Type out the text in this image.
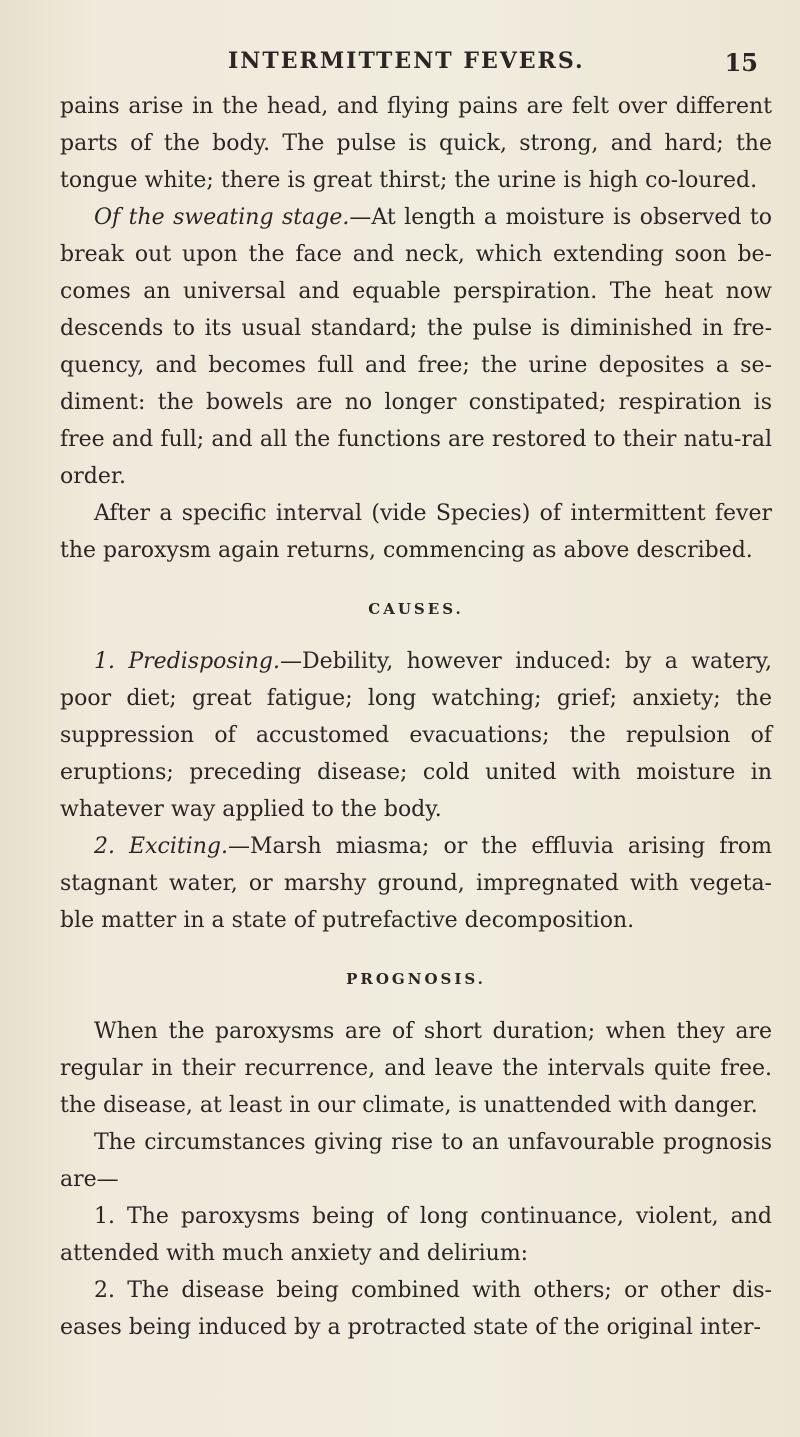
INTERMITTENT FEVERS.	15

pains arise in the head, and flying pains are felt over different parts of the body. The pulse is quick, strong, and hard; the tongue white; there is great thirst; the urine is high co-loured.

Of the sweating stage.—At length a moisture is observed to break out upon the face and neck, which extending soon be-comes an universal and equable perspiration. The heat now descends to its usual standard; the pulse is diminished in fre-quency, and becomes full and free; the urine deposites a se-diment: the bowels are no longer constipated; respiration is free and full; and all the functions are restored to their natu-ral order.

After a specific interval (vide Species) of intermittent fever the paroxysm again returns, commencing as above described.

CAUSES.

1. Predisposing.—Debility, however induced: by a watery, poor diet; great fatigue; long watching; grief; anxiety; the suppression of accustomed evacuations; the repulsion of eruptions; preceding disease; cold united with moisture in whatever way applied to the body.

2. Exciting.—Marsh miasma; or the effluvia arising from stagnant water, or marshy ground, impregnated with vegeta-ble matter in a state of putrefactive decomposition.

PROGNOSIS.

When the paroxysms are of short duration; when they are regular in their recurrence, and leave the intervals quite free. the disease, at least in our climate, is unattended with danger.

The circumstances giving rise to an unfavourable prognosis are—

1. The paroxysms being of long continuance, violent, and attended with much anxiety and delirium:

2. The disease being combined with others; or other dis-eases being induced by a protracted state of the original inter-
